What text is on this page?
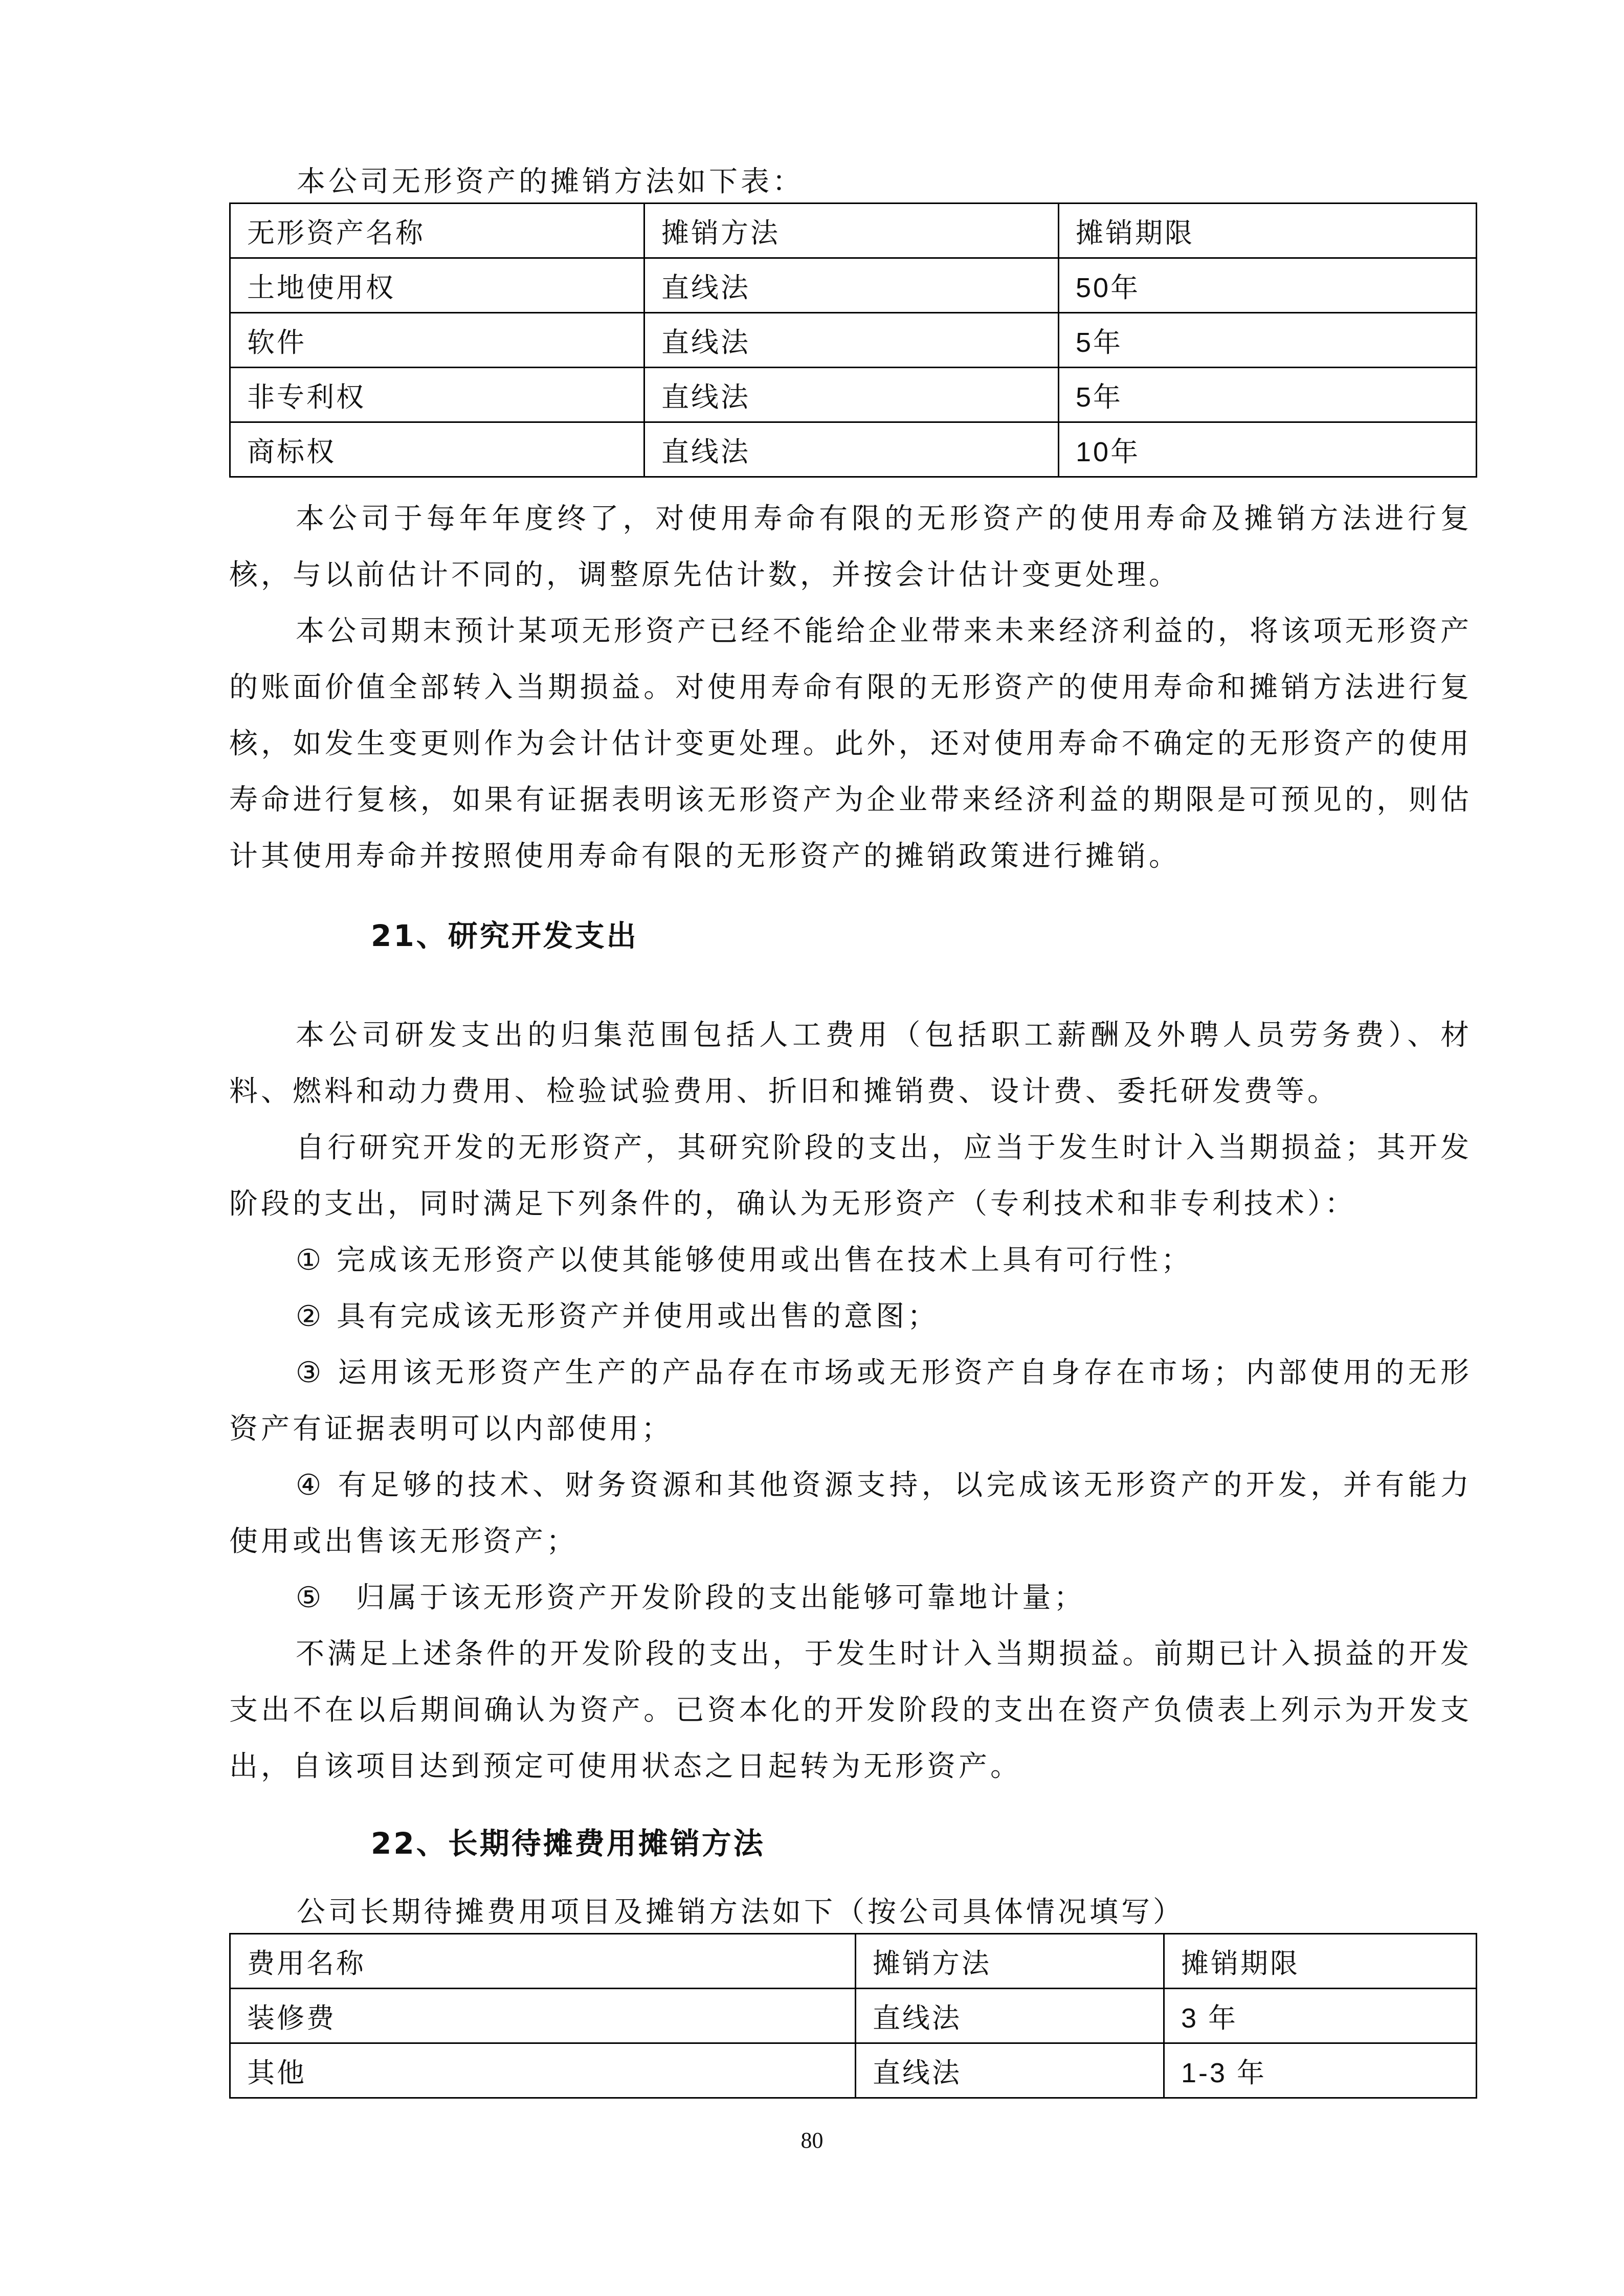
本公司无形资产的摊销方法如下表：

无形资产名称	摊销方法	摊销期限
土地使用权	直线法	50年
软件	直线法	5年
非专利权	直线法	5年
商标权	直线法	10年

本公司于每年年度终了，对使用寿命有限的无形资产的使用寿命及摊销方法进行复核，与以前估计不同的，调整原先估计数，并按会计估计变更处理。

本公司期末预计某项无形资产已经不能给企业带来未来经济利益的，将该项无形资产的账面价值全部转入当期损益。对使用寿命有限的无形资产的使用寿命和摊销方法进行复核，如发生变更则作为会计估计变更处理。此外，还对使用寿命不确定的无形资产的使用寿命进行复核，如果有证据表明该无形资产为企业带来经济利益的期限是可预见的，则估计其使用寿命并按照使用寿命有限的无形资产的摊销政策进行摊销。

21、研究开发支出

本公司研发支出的归集范围包括人工费用（包括职工薪酬及外聘人员劳务费）、材料、燃料和动力费用、检验试验费用、折旧和摊销费、设计费、委托研发费等。

自行研究开发的无形资产，其研究阶段的支出，应当于发生时计入当期损益；其开发阶段的支出，同时满足下列条件的，确认为无形资产（专利技术和非专利技术）：

① 完成该无形资产以使其能够使用或出售在技术上具有可行性；

② 具有完成该无形资产并使用或出售的意图；

③ 运用该无形资产生产的产品存在市场或无形资产自身存在市场；内部使用的无形资产有证据表明可以内部使用；

④ 有足够的技术、财务资源和其他资源支持，以完成该无形资产的开发，并有能力使用或出售该无形资产；

⑤　归属于该无形资产开发阶段的支出能够可靠地计量；

不满足上述条件的开发阶段的支出，于发生时计入当期损益。前期已计入损益的开发支出不在以后期间确认为资产。已资本化的开发阶段的支出在资产负债表上列示为开发支出，自该项目达到预定可使用状态之日起转为无形资产。

22、长期待摊费用摊销方法

公司长期待摊费用项目及摊销方法如下（按公司具体情况填写）

费用名称	摊销方法	摊销期限
装修费	直线法	3 年
其他	直线法	1-3 年
80
